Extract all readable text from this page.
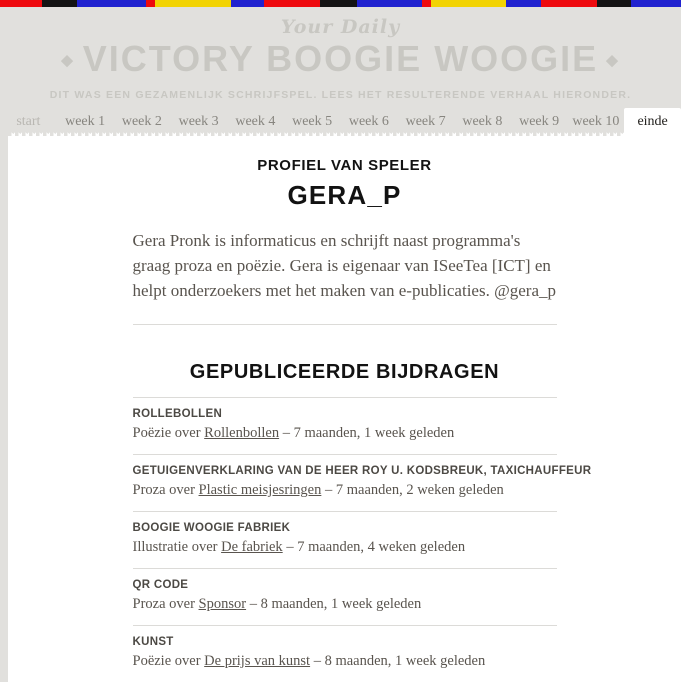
Your Daily
◆ VICTORY BOOGIE WOOGIE ◆
DIT WAS EEN GEZAMENLIJK SCHRIJFSPEL. LEES HET RESULTERENDE VERHAAL HIERONDER.
start	week 1	week 2	week 3	week 4	week 5	week 6	week 7	week 8	week 9 week 10	einde
PROFIEL VAN SPELER
GERA_P

Gera Pronk is informaticus en schrijft naast programma's graag proza en poëzie. Gera is eigenaar van ISeeTea [ICT] en helpt onderzoekers met het maken van e-publicaties. @gera_p

GEPUBLICEERDE BIJDRAGEN
ROLLEBOLLEN
Poëzie over Rollenbollen – 7 maanden, 1 week geleden
GETUIGENVERKLARING VAN DE HEER ROY U. KODSBREUK, TAXICHAUFFEUR
Proza over Plastic meisjesringen – 7 maanden, 2 weken geleden
BOOGIE WOOGIE FABRIEK
Illustratie over De fabriek – 7 maanden, 4 weken geleden
QR CODE
Proza over Sponsor – 8 maanden, 1 week geleden
KUNST
Poëzie over De prijs van kunst – 8 maanden, 1 week geleden
